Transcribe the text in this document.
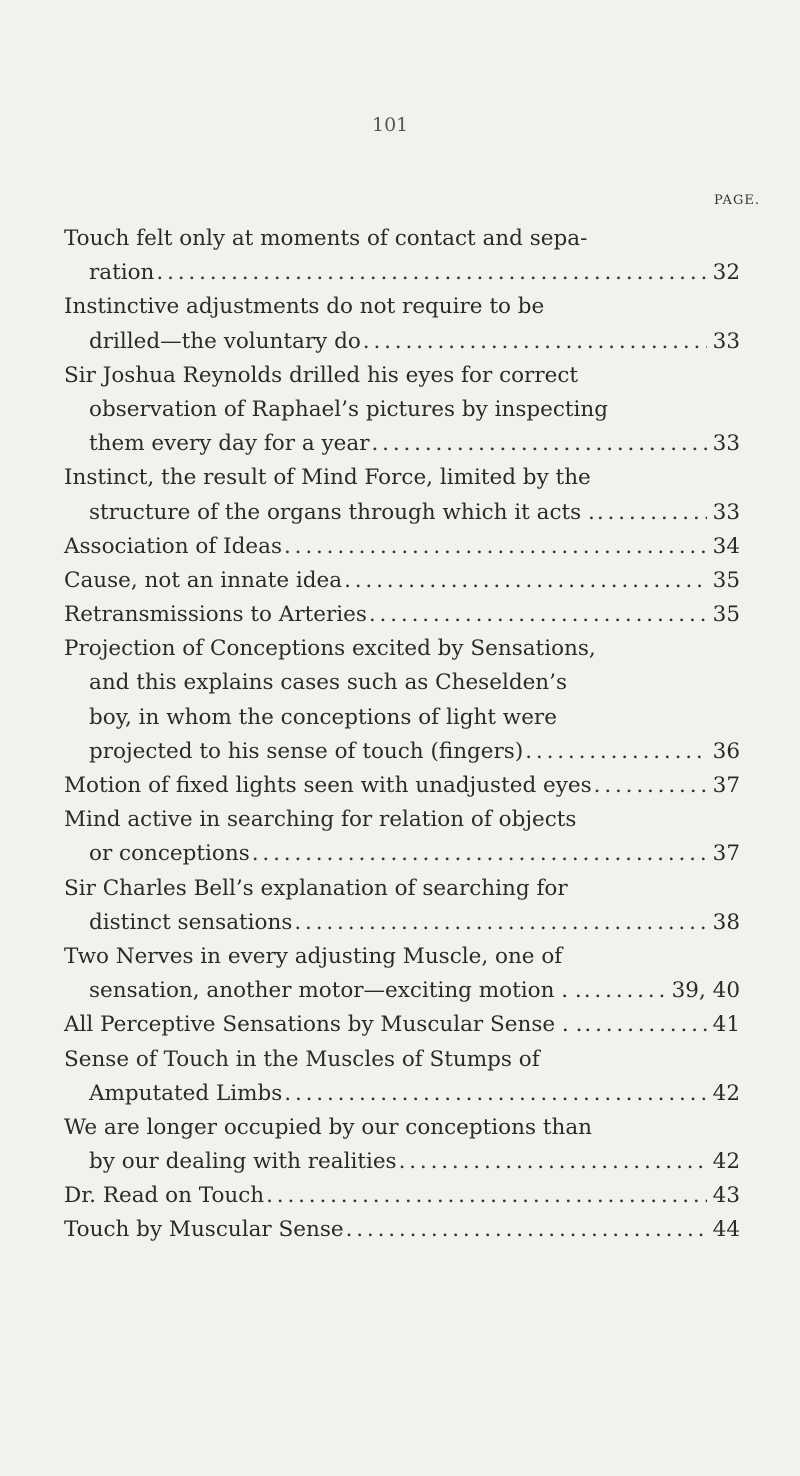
101
PAGE.
Touch felt only at moments of contact and sepa-
ration . . .	32
Instinctive adjustments do not require to be
drilled—the voluntary do . . .	33
Sir Joshua Reynolds drilled his eyes for correct
observation of Raphael’s pictures by inspecting
them every day for a year . . .	33
Instinct, the result of Mind Force, limited by the
structure of the organs through which it acts . . . .	33
Association of Ideas . . .	34
Cause, not an innate idea . . .	35
Retransmissions to Arteries . . .	35
Projection of Conceptions excited by Sensations,
and this explains cases such as Cheselden’s
boy, in whom the conceptions of light were
projected to his sense of touch (fingers) . . .	36
Motion of fixed lights seen with unadjusted eyes . . .	37
Mind active in searching for relation of objects
or conceptions . . .	37
Sir Charles Bell’s explanation of searching for
distinct sensations . . .	38
Two Nerves in every adjusting Muscle, one of
sensation, another motor—exciting motion . . . . .	39, 40
All Perceptive Sensations by Muscular Sense . . . . .	41
Sense of Touch in the Muscles of Stumps of
Amputated Limbs . . .	42
We are longer occupied by our conceptions than
by our dealing with realities . . .	42
Dr. Read on Touch . . .	43
Touch by Muscular Sense . . .	44
